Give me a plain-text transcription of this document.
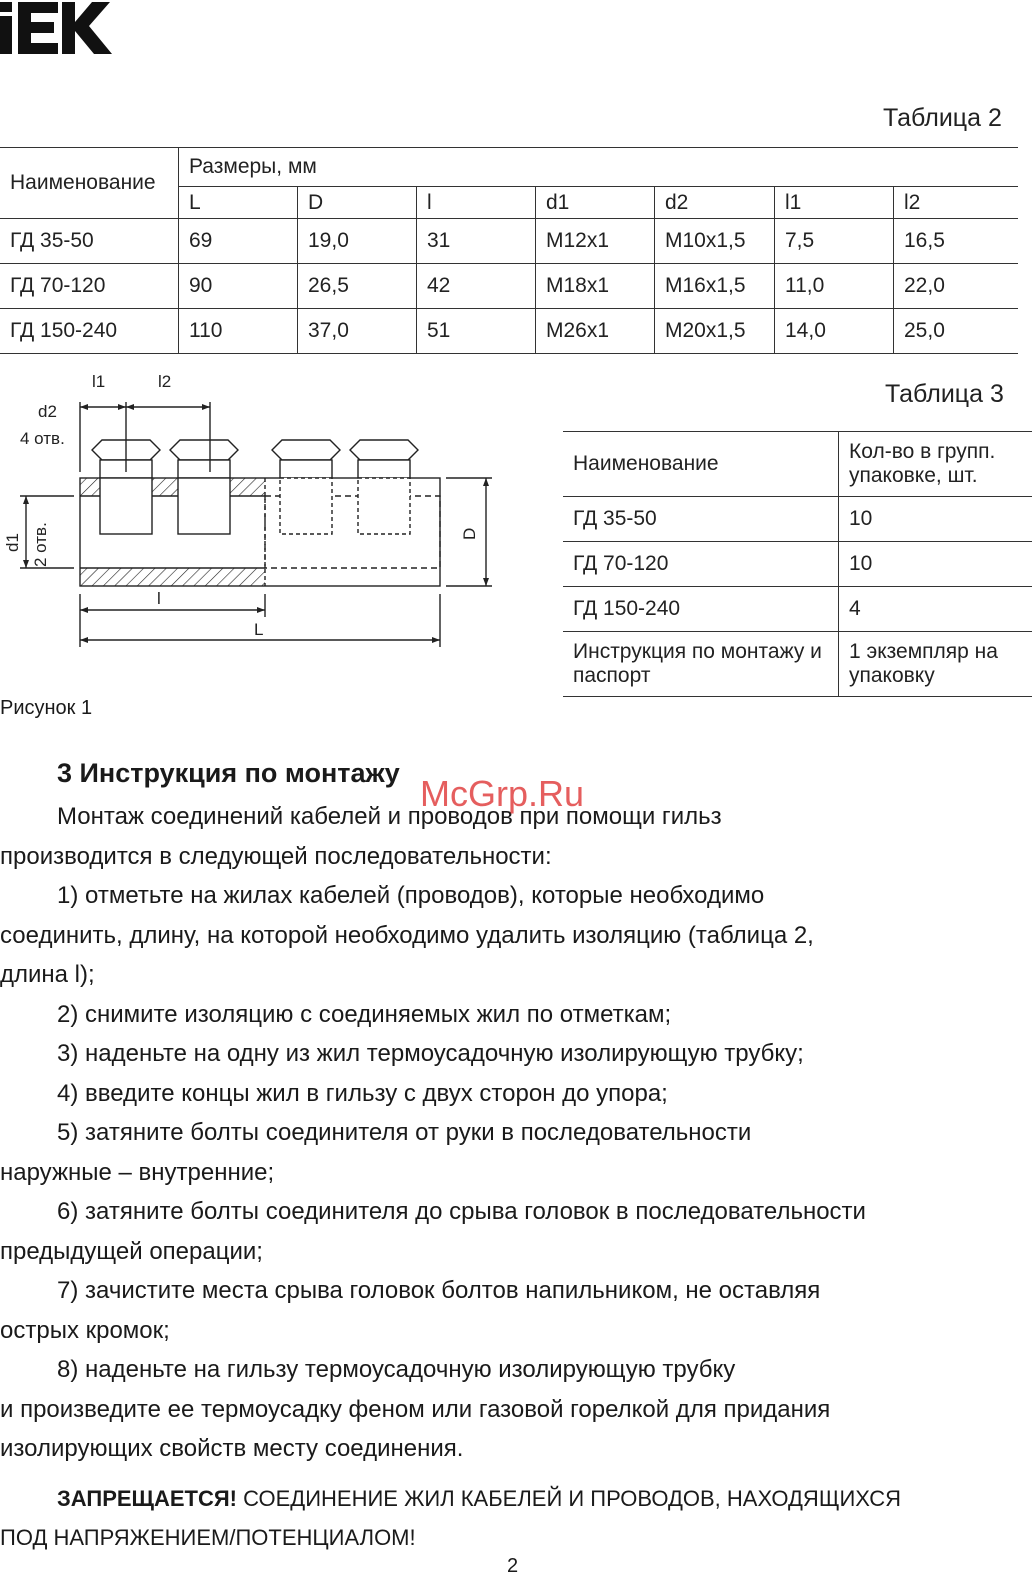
Таблица 2
Наименование	Размеры, мм						
	L	D	l	d1	d2	l1	l2
ГД 35-50	69	19,0	31	M12x1	M10x1,5	7,5	16,5
ГД 70-120	90	26,5	42	M18x1	M16x1,5	11,0	22,0
ГД 150-240	110	37,0	51	M26x1	M20x1,5	14,0	25,0
l1	l2
d2
4 отв.
D
d1 2 отв.
l
L
Рисунок 1
Таблица 3
Наименование	Кол-во в групп. упаковке, шт.
ГД 35-50	10
ГД 70-120	10
ГД 150-240	4
Инструкция по монтажу и паспорт	1 экземпляр на упаковку
3 Инструкция по монтажу

Монтаж соединений кабелей и проводов при помощи гильз

производится в следующей последовательности:

1) отметьте на жилах кабелей (проводов), которые необходимо

соединить, длину, на которой необходимо удалить изоляцию (таблица 2,

длина l);

2) снимите изоляцию с соединяемых жил по отметкам;

3) наденьте на одну из жил термоусадочную изолирующую трубку;

4) введите концы жил в гильзу с двух сторон до упора;

5) затяните болты соединителя от руки в последовательности

наружные – внутренние;

6) затяните болты соединителя до срыва головок в последовательности

предыдущей операции;

7) зачистите места срыва головок болтов напильником, не оставляя

острых кромок;

8) наденьте на гильзу термоусадочную изолирующую трубку

и произведите ее термоусадку феном или газовой горелкой для придания

изолирующих свойств месту соединения.

ЗАПРЕЩАЕТСЯ! СОЕДИНЕНИЕ ЖИЛ КАБЕЛЕЙ И ПРОВОДОВ, НАХОДЯЩИХСЯ
ПОД НАПРЯЖЕНИЕМ/ПОТЕНЦИАЛОМ!
McGrp.Ru
2
